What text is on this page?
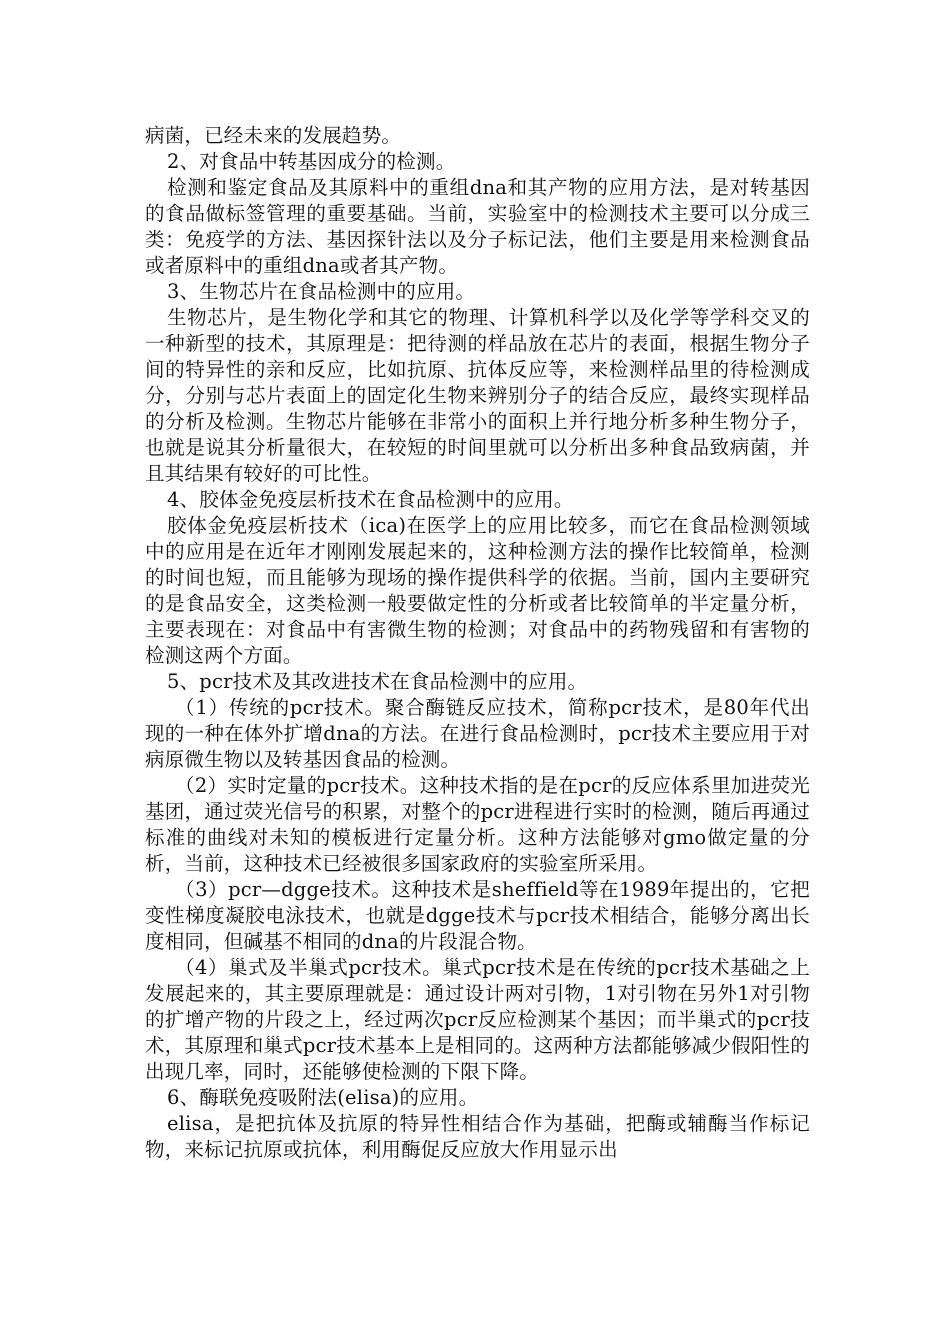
病菌，已经未来的发展趋势。

2、对食品中转基因成分的检测。

检测和鉴定食品及其原料中的重组dna和其产物的应用方法，是对转基因的食品做标签管理的重要基础。当前，实验室中的检测技术主要可以分成三类：免疫学的方法、基因探针法以及分子标记法，他们主要是用来检测食品或者原料中的重组dna或者其产物。

3、生物芯片在食品检测中的应用。

生物芯片，是生物化学和其它的物理、计算机科学以及化学等学科交叉的一种新型的技术，其原理是：把待测的样品放在芯片的表面，根据生物分子间的特异性的亲和反应，比如抗原、抗体反应等，来检测样品里的待检测成分，分别与芯片表面上的固定化生物来辨别分子的结合反应，最终实现样品的分析及检测。生物芯片能够在非常小的面积上并行地分析多种生物分子，也就是说其分析量很大，在较短的时间里就可以分析出多种食品致病菌，并且其结果有较好的可比性。

4、胶体金免疫层析技术在食品检测中的应用。

胶体金免疫层析技术（ica)在医学上的应用比较多，而它在食品检测领域中的应用是在近年才刚刚发展起来的，这种检测方法的操作比较简单，检测的时间也短，而且能够为现场的操作提供科学的依据。当前，国内主要研究的是食品安全，这类检测一般要做定性的分析或者比较简单的半定量分析，主要表现在：对食品中有害微生物的检测；对食品中的药物残留和有害物的检测这两个方面。

5、pcr技术及其改进技术在食品检测中的应用。

（1）传统的pcr技术。聚合酶链反应技术，简称pcr技术，是80年代出现的一种在体外扩增dna的方法。在进行食品检测时，pcr技术主要应用于对病原微生物以及转基因食品的检测。

（2）实时定量的pcr技术。这种技术指的是在pcr的反应体系里加进荧光基团，通过荧光信号的积累，对整个的pcr进程进行实时的检测，随后再通过标准的曲线对未知的模板进行定量分析。这种方法能够对gmo做定量的分析，当前，这种技术已经被很多国家政府的实验室所采用。

（3）pcr—dgge技术。这种技术是sheffield等在1989年提出的，它把变性梯度凝胶电泳技术，也就是dgge技术与pcr技术相结合，能够分离出长度相同，但碱基不相同的dna的片段混合物。

（4）巢式及半巢式pcr技术。巢式pcr技术是在传统的pcr技术基础之上发展起来的，其主要原理就是：通过设计两对引物，1对引物在另外1对引物的扩增产物的片段之上，经过两次pcr反应检测某个基因；而半巢式的pcr技术，其原理和巢式pcr技术基本上是相同的。这两种方法都能够减少假阳性的出现几率，同时，还能够使检测的下限下降。

6、酶联免疫吸附法(elisa)的应用。

elisa，是把抗体及抗原的特异性相结合作为基础，把酶或辅酶当作标记物，来标记抗原或抗体，利用酶促反应放大作用显示出
